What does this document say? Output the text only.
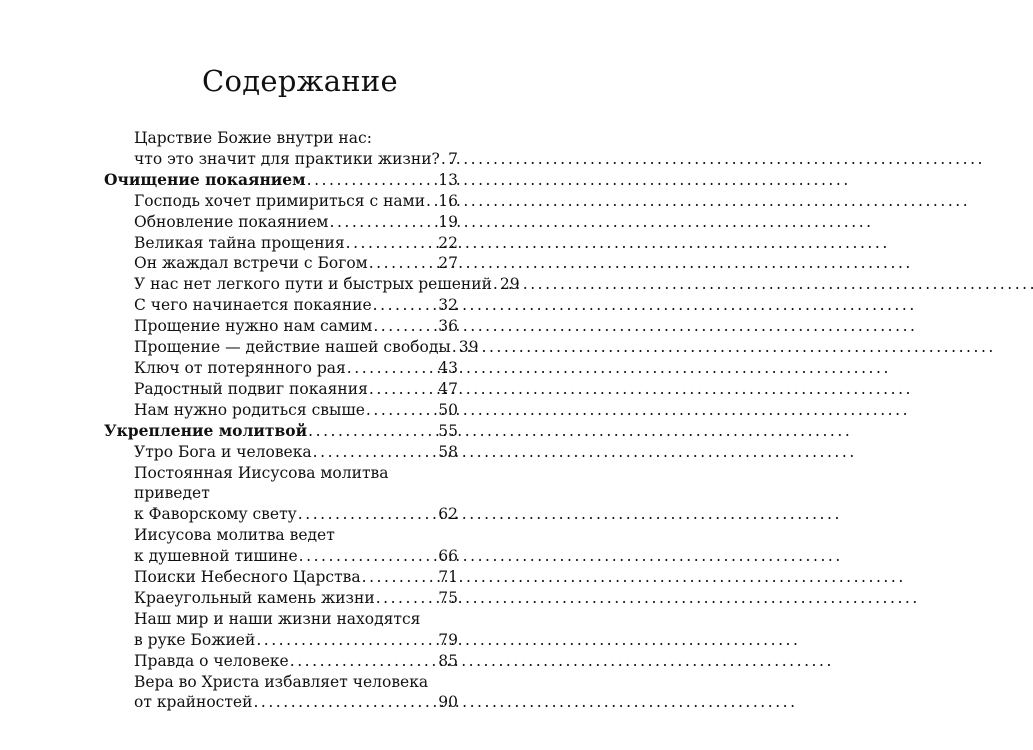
Содержание
Царствие Божие внутри нас:
что это значит для практики жизни? . . . 7
Очищение покаянием . . .	13
Господь хочет примириться с нами . . . 16
Обновление покаянием . . .	19
Великая тайна прощения . . .	22
Он жаждал встречи с Богом . . .	27
У нас нет легкого пути и быстрых решений . . . 29
С чего начинается покаяние . . .	32
Прощение нужно нам самим . . .	36
Прощение — действие нашей свободы . . . 39
Ключ от потерянного рая . . .	43
Радостный подвиг покаяния . . .	47
Нам нужно родиться свыше . . .	50
Укрепление молитвой . . .	55
Утро Бога и человека . . .	58
Постоянная Иисусова молитва приведет
к Фаворскому свету . . .	62
Иисусова молитва ведет
к душевной тишине . . .	66
Поиски Небесного Царства . . .	71
Краеугольный камень жизни . . .	75
Наш мир и наши жизни находятся
в руке Божией . . .	79
Правда о человеке . . .	85
Вера во Христа избавляет человека
от крайностей . . .	90
